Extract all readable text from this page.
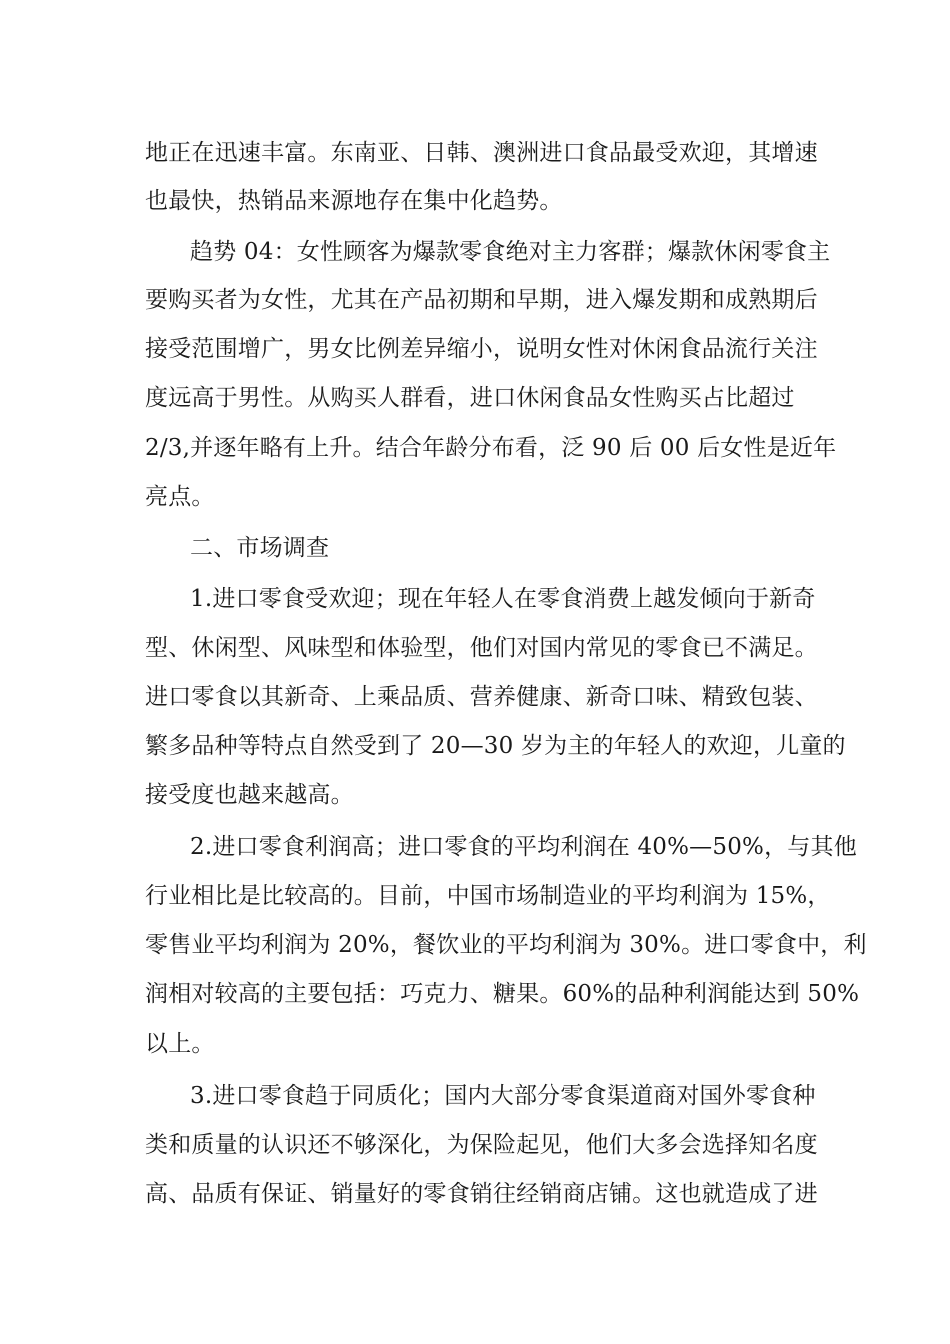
地正在迅速丰富。东南亚、日韩、澳洲进口食品最受欢迎，其增速
也最快，热销品来源地存在集中化趋势。
趋势 04：女性顾客为爆款零食绝对主力客群；爆款休闲零食主
要购买者为女性，尤其在产品初期和早期，进入爆发期和成熟期后
接受范围增广，男女比例差异缩小，说明女性对休闲食品流行关注
度远高于男性。从购买人群看，进口休闲食品女性购买占比超过
2/3,并逐年略有上升。结合年龄分布看，泛 90 后 00 后女性是近年
亮点。
二、市场调查
1.进口零食受欢迎；现在年轻人在零食消费上越发倾向于新奇
型、休闲型、风味型和体验型，他们对国内常见的零食已不满足。
进口零食以其新奇、上乘品质、营养健康、新奇口味、精致包装、
繁多品种等特点自然受到了 20—30 岁为主的年轻人的欢迎，儿童的
接受度也越来越高。
2.进口零食利润高；进口零食的平均利润在 40%—50%，与其他
行业相比是比较高的。目前，中国市场制造业的平均利润为 15%，
零售业平均利润为 20%，餐饮业的平均利润为 30%。进口零食中，利
润相对较高的主要包括：巧克力、糖果。60%的品种利润能达到 50%
以上。
3.进口零食趋于同质化；国内大部分零食渠道商对国外零食种
类和质量的认识还不够深化，为保险起见，他们大多会选择知名度
高、品质有保证、销量好的零食销往经销商店铺。这也就造成了进
